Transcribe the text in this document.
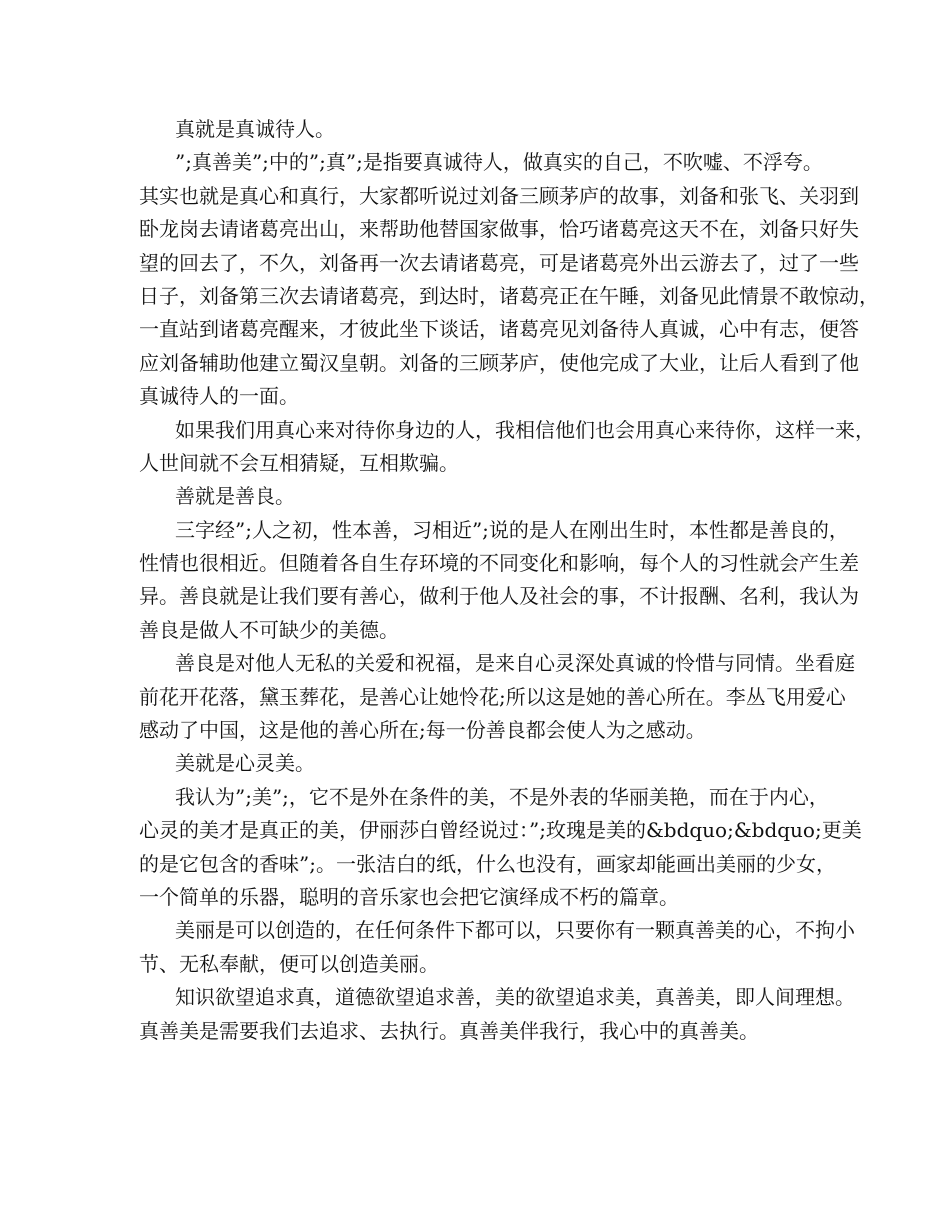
真就是真诚待人。

”;真善美”;中的”;真”;是指要真诚待人，做真实的自己，不吹嘘、不浮夸。

其实也就是真心和真行，大家都听说过刘备三顾茅庐的故事，刘备和张飞、关羽到

卧龙岗去请诸葛亮出山，来帮助他替国家做事，恰巧诸葛亮这天不在，刘备只好失

望的回去了，不久，刘备再一次去请诸葛亮，可是诸葛亮外出云游去了，过了一些

日子，刘备第三次去请诸葛亮，到达时，诸葛亮正在午睡，刘备见此情景不敢惊动，

一直站到诸葛亮醒来，才彼此坐下谈话，诸葛亮见刘备待人真诚，心中有志，便答

应刘备辅助他建立蜀汉皇朝。刘备的三顾茅庐，使他完成了大业，让后人看到了他

真诚待人的一面。

如果我们用真心来对待你身边的人，我相信他们也会用真心来待你，这样一来，

人世间就不会互相猜疑，互相欺骗。

善就是善良。

三字经”;人之初，性本善，习相近”;说的是人在刚出生时，本性都是善良的，

性情也很相近。但随着各自生存环境的不同变化和影响，每个人的习性就会产生差

异。善良就是让我们要有善心，做利于他人及社会的事，不计报酬、名利，我认为

善良是做人不可缺少的美德。

善良是对他人无私的关爱和祝福，是来自心灵深处真诚的怜惜与同情。坐看庭

前花开花落，黛玉葬花，是善心让她怜花;所以这是她的善心所在。李丛飞用爱心

感动了中国，这是他的善心所在;每一份善良都会使人为之感动。

美就是心灵美。

我认为”;美”;，它不是外在条件的美，不是外表的华丽美艳，而在于内心，

心灵的美才是真正的美，伊丽莎白曾经说过：”;玫瑰是美的&bdquo;&bdquo;更美

的是它包含的香味”;。一张洁白的纸，什么也没有，画家却能画出美丽的少女，

一个简单的乐器，聪明的音乐家也会把它演绎成不朽的篇章。

美丽是可以创造的，在任何条件下都可以，只要你有一颗真善美的心，不拘小

节、无私奉献，便可以创造美丽。

知识欲望追求真，道德欲望追求善，美的欲望追求美，真善美，即人间理想。

真善美是需要我们去追求、去执行。真善美伴我行，我心中的真善美。
